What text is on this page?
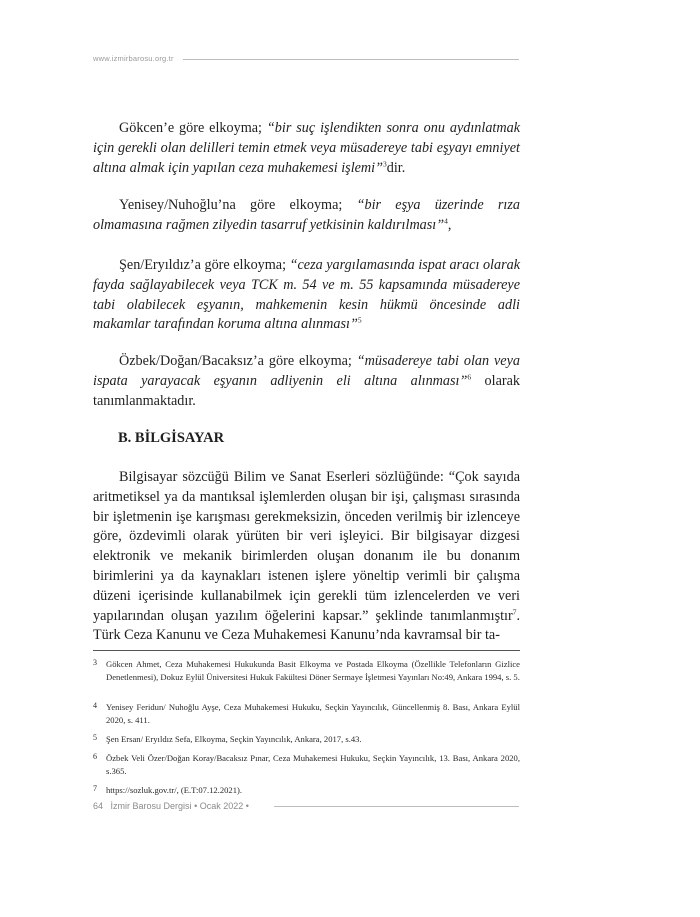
www.izmirbarosu.org.tr

Gökcen’e göre elkoyma; “bir suç işlendikten sonra onu aydınlatmak için gerekli olan delilleri temin etmek veya müsadereye tabi eşyayı emniyet altına almak için yapılan ceza muhakemesi işlemi”$^3$dir.

Yenisey/Nuhoğlu’na göre elkoyma; “bir eşya üzerinde rıza olmamasına rağmen zilyedin tasarruf yetkisinin kaldırılması”$^4$,

Şen/Eryıldız’a göre elkoyma; “ceza yargılamasında ispat aracı olarak fayda sağlayabilecek veya TCK m. 54 ve m. 55 kapsamında müsadereye tabi olabilecek eşyanın, mahkemenin kesin hükmü öncesinde adli makamlar tarafından koruma altına alınması”$^5$

Özbek/Doğan/Bacaksız’a göre elkoyma; “müsadereye tabi olan veya ispata yarayacak eşyanın adliyenin eli altına alınması”$^6$ olarak tanımlanmaktadır.

B. BİLGİSAYAR

Bilgisayar sözcüğü Bilim ve Sanat Eserleri sözlüğünde: “Çok sayıda aritmetiksel ya da mantıksal işlemlerden oluşan bir işi, çalışması sırasında bir işletmenin işe karışması gerekmeksizin, önceden verilmiş bir izlenceye göre, özdevimli olarak yürüten bir veri işleyici. Bir bilgisayar dizgesi elektronik ve mekanik birimlerden oluşan donanım ile bu donanım birimlerini ya da kaynakları istenen işlere yöneltip verimli bir çalışma düzeni içerisinde kullanabilmek için gerekli tüm izlencelerden ve veri yapılarından oluşan yazılım öğelerini kapsar.” şeklinde tanımlanmıştır$^7$. Türk Ceza Kanunu ve Ceza Muhakemesi Kanunu’nda kavramsal bir ta-

3 Gökcen Ahmet, Ceza Muhakemesi Hukukunda Basit Elkoyma ve Postada Elkoyma (Özellikle Telefonların Gizlice Denetlenmesi), Dokuz Eylül Üniversitesi Hukuk Fakültesi Döner Sermaye İşletmesi Yayınları No:49, Ankara 1994, s. 5.
4 Yenisey Feridun/ Nuhoğlu Ayşe, Ceza Muhakemesi Hukuku, Seçkin Yayıncılık, Güncellenmiş 8. Bası, Ankara Eylül 2020, s. 411.
5 Şen Ersan/ Eryıldız Sefa, Elkoyma, Seçkin Yayıncılık, Ankara, 2017, s.43.
6 Özbek Veli Özer/Doğan Koray/Bacaksız Pınar, Ceza Muhakemesi Hukuku, Seçkin Yayıncılık, 13. Bası, Ankara 2020, s.365.
7 https://sozluk.gov.tr/, (E.T:07.12.2021).
64 İzmir Barosu Dergisi • Ocak 2022 •
